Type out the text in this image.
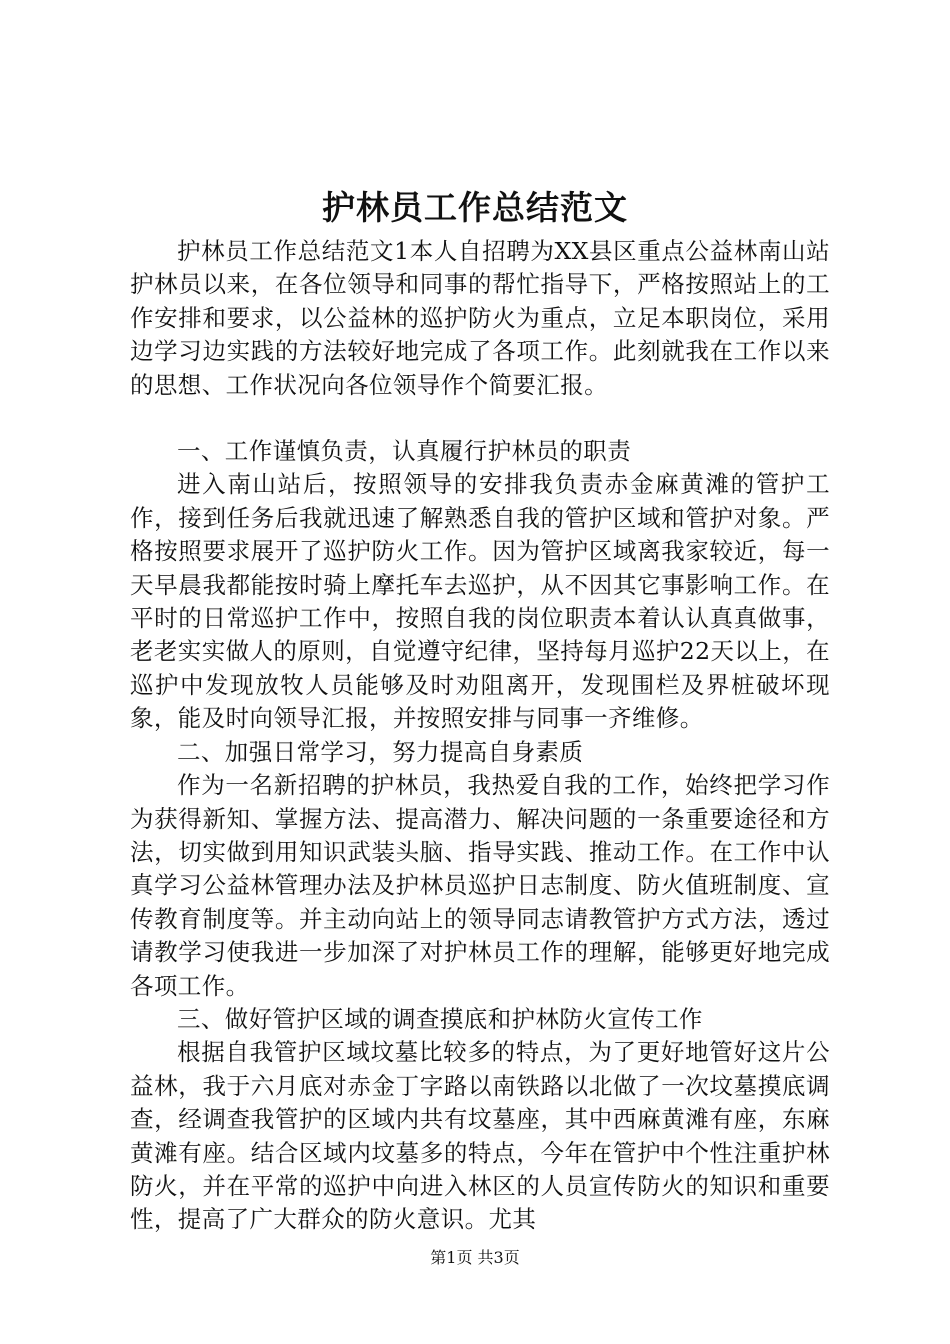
护林员工作总结范文

护林员工作总结范文1本人自招聘为XX县区重点公益林南山站护林员以来，在各位领导和同事的帮忙指导下，严格按照站上的工作安排和要求，以公益林的巡护防火为重点，立足本职岗位，采用边学习边实践的方法较好地完成了各项工作。此刻就我在工作以来的思想、工作状况向各位领导作个简要汇报。

一、工作谨慎负责，认真履行护林员的职责

进入南山站后，按照领导的安排我负责赤金麻黄滩的管护工作，接到任务后我就迅速了解熟悉自我的管护区域和管护对象。严格按照要求展开了巡护防火工作。因为管护区域离我家较近，每一天早晨我都能按时骑上摩托车去巡护，从不因其它事影响工作。在平时的日常巡护工作中，按照自我的岗位职责本着认认真真做事，老老实实做人的原则，自觉遵守纪律，坚持每月巡护22天以上，在巡护中发现放牧人员能够及时劝阻离开，发现围栏及界桩破坏现象，能及时向领导汇报，并按照安排与同事一齐维修。

二、加强日常学习，努力提高自身素质

作为一名新招聘的护林员，我热爱自我的工作，始终把学习作为获得新知、掌握方法、提高潜力、解决问题的一条重要途径和方法，切实做到用知识武装头脑、指导实践、推动工作。在工作中认真学习公益林管理办法及护林员巡护日志制度、防火值班制度、宣传教育制度等。并主动向站上的领导同志请教管护方式方法，透过请教学习使我进一步加深了对护林员工作的理解，能够更好地完成各项工作。

三、做好管护区域的调查摸底和护林防火宣传工作

根据自我管护区域坟墓比较多的特点，为了更好地管好这片公益林，我于六月底对赤金丁字路以南铁路以北做了一次坟墓摸底调查，经调查我管护的区域内共有坟墓座，其中西麻黄滩有座，东麻黄滩有座。结合区域内坟墓多的特点，今年在管护中个性注重护林防火，并在平常的巡护中向进入林区的人员宣传防火的知识和重要性，提高了广大群众的防火意识。尤其

第1页 共3页
